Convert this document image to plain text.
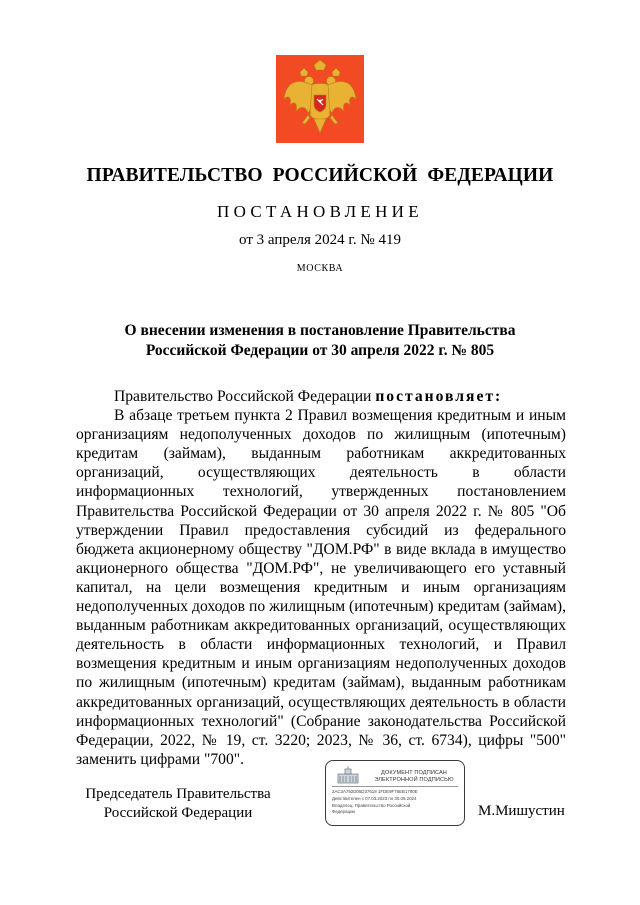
ПРАВИТЕЛЬСТВО РОССИЙСКОЙ ФЕДЕРАЦИИ
ПОСТАНОВЛЕНИЕ
от 3 апреля 2024 г. № 419
МОСКВА
О внесении изменения в постановление Правительства
Российской Федерации от 30 апреля 2022 г. № 805

Правительство Российской Федерации постановляет:

В абзаце третьем пункта 2 Правил возмещения кредитным и иным организациям недополученных доходов по жилищным (ипотечным) кредитам (займам), выданным работникам аккредитованных организаций, осуществляющих деятельность в области информационных технологий, утвержденных постановлением Правительства Российской Федерации от 30 апреля 2022 г. № 805 "Об утверждении Правил предоставления субсидий из федерального бюджета акционерному обществу "ДОМ.РФ" в виде вклада в имущество акционерного общества "ДОМ.РФ", не увеличивающего его уставный капитал, на цели возмещения кредитным и иным организациям недополученных доходов по жилищным (ипотечным) кредитам (займам), выданным работникам аккредитованных организаций, осуществляющих деятельность в области информационных технологий, и Правил возмещения кредитным и иным организациям недополученных доходов по жилищным (ипотечным) кредитам (займам), выданным работникам аккредитованных организаций, осуществляющих деятельность в области информационных технологий" (Собрание законодательства Российской Федерации, 2022, № 19, ст. 3220; 2023, № 36, ст. 6734), цифры "500" заменить цифрами "700".

Председатель Правительства
Российской Федерации	М.Мишустин
ДОКУМЕНТ ПОДПИСАН
ЭЛЕКТРОННОЙ ПОДПИСЬЮ
2AC3A792D05D37618 1FDE9F76EB1780E
Действителен с 07.03.2023 по 30.05.2024
Владелец: Правительство Российской
Федерации
